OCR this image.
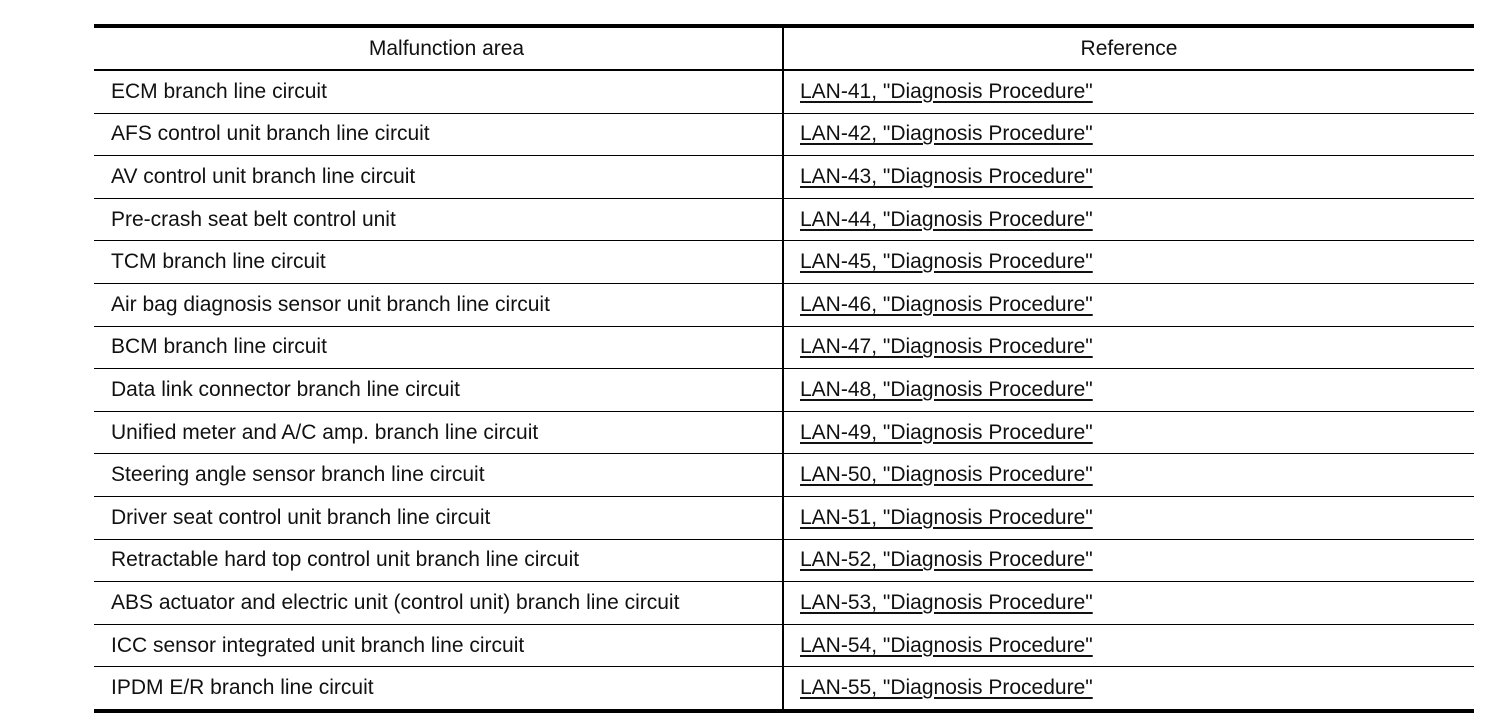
Malfunction area	Reference
ECM branch line circuit	LAN-41, "Diagnosis Procedure"
AFS control unit branch line circuit	LAN-42, "Diagnosis Procedure"
AV control unit branch line circuit	LAN-43, "Diagnosis Procedure"
Pre-crash seat belt control unit	LAN-44, "Diagnosis Procedure"
TCM branch line circuit	LAN-45, "Diagnosis Procedure"
Air bag diagnosis sensor unit branch line circuit	LAN-46, "Diagnosis Procedure"
BCM branch line circuit	LAN-47, "Diagnosis Procedure"
Data link connector branch line circuit	LAN-48, "Diagnosis Procedure"
Unified meter and A/C amp. branch line circuit	LAN-49, "Diagnosis Procedure"
Steering angle sensor branch line circuit	LAN-50, "Diagnosis Procedure"
Driver seat control unit branch line circuit	LAN-51, "Diagnosis Procedure"
Retractable hard top control unit branch line circuit	LAN-52, "Diagnosis Procedure"
ABS actuator and electric unit (control unit) branch line circuit	LAN-53, "Diagnosis Procedure"
ICC sensor integrated unit branch line circuit	LAN-54, "Diagnosis Procedure"
IPDM E/R branch line circuit	LAN-55, "Diagnosis Procedure"
